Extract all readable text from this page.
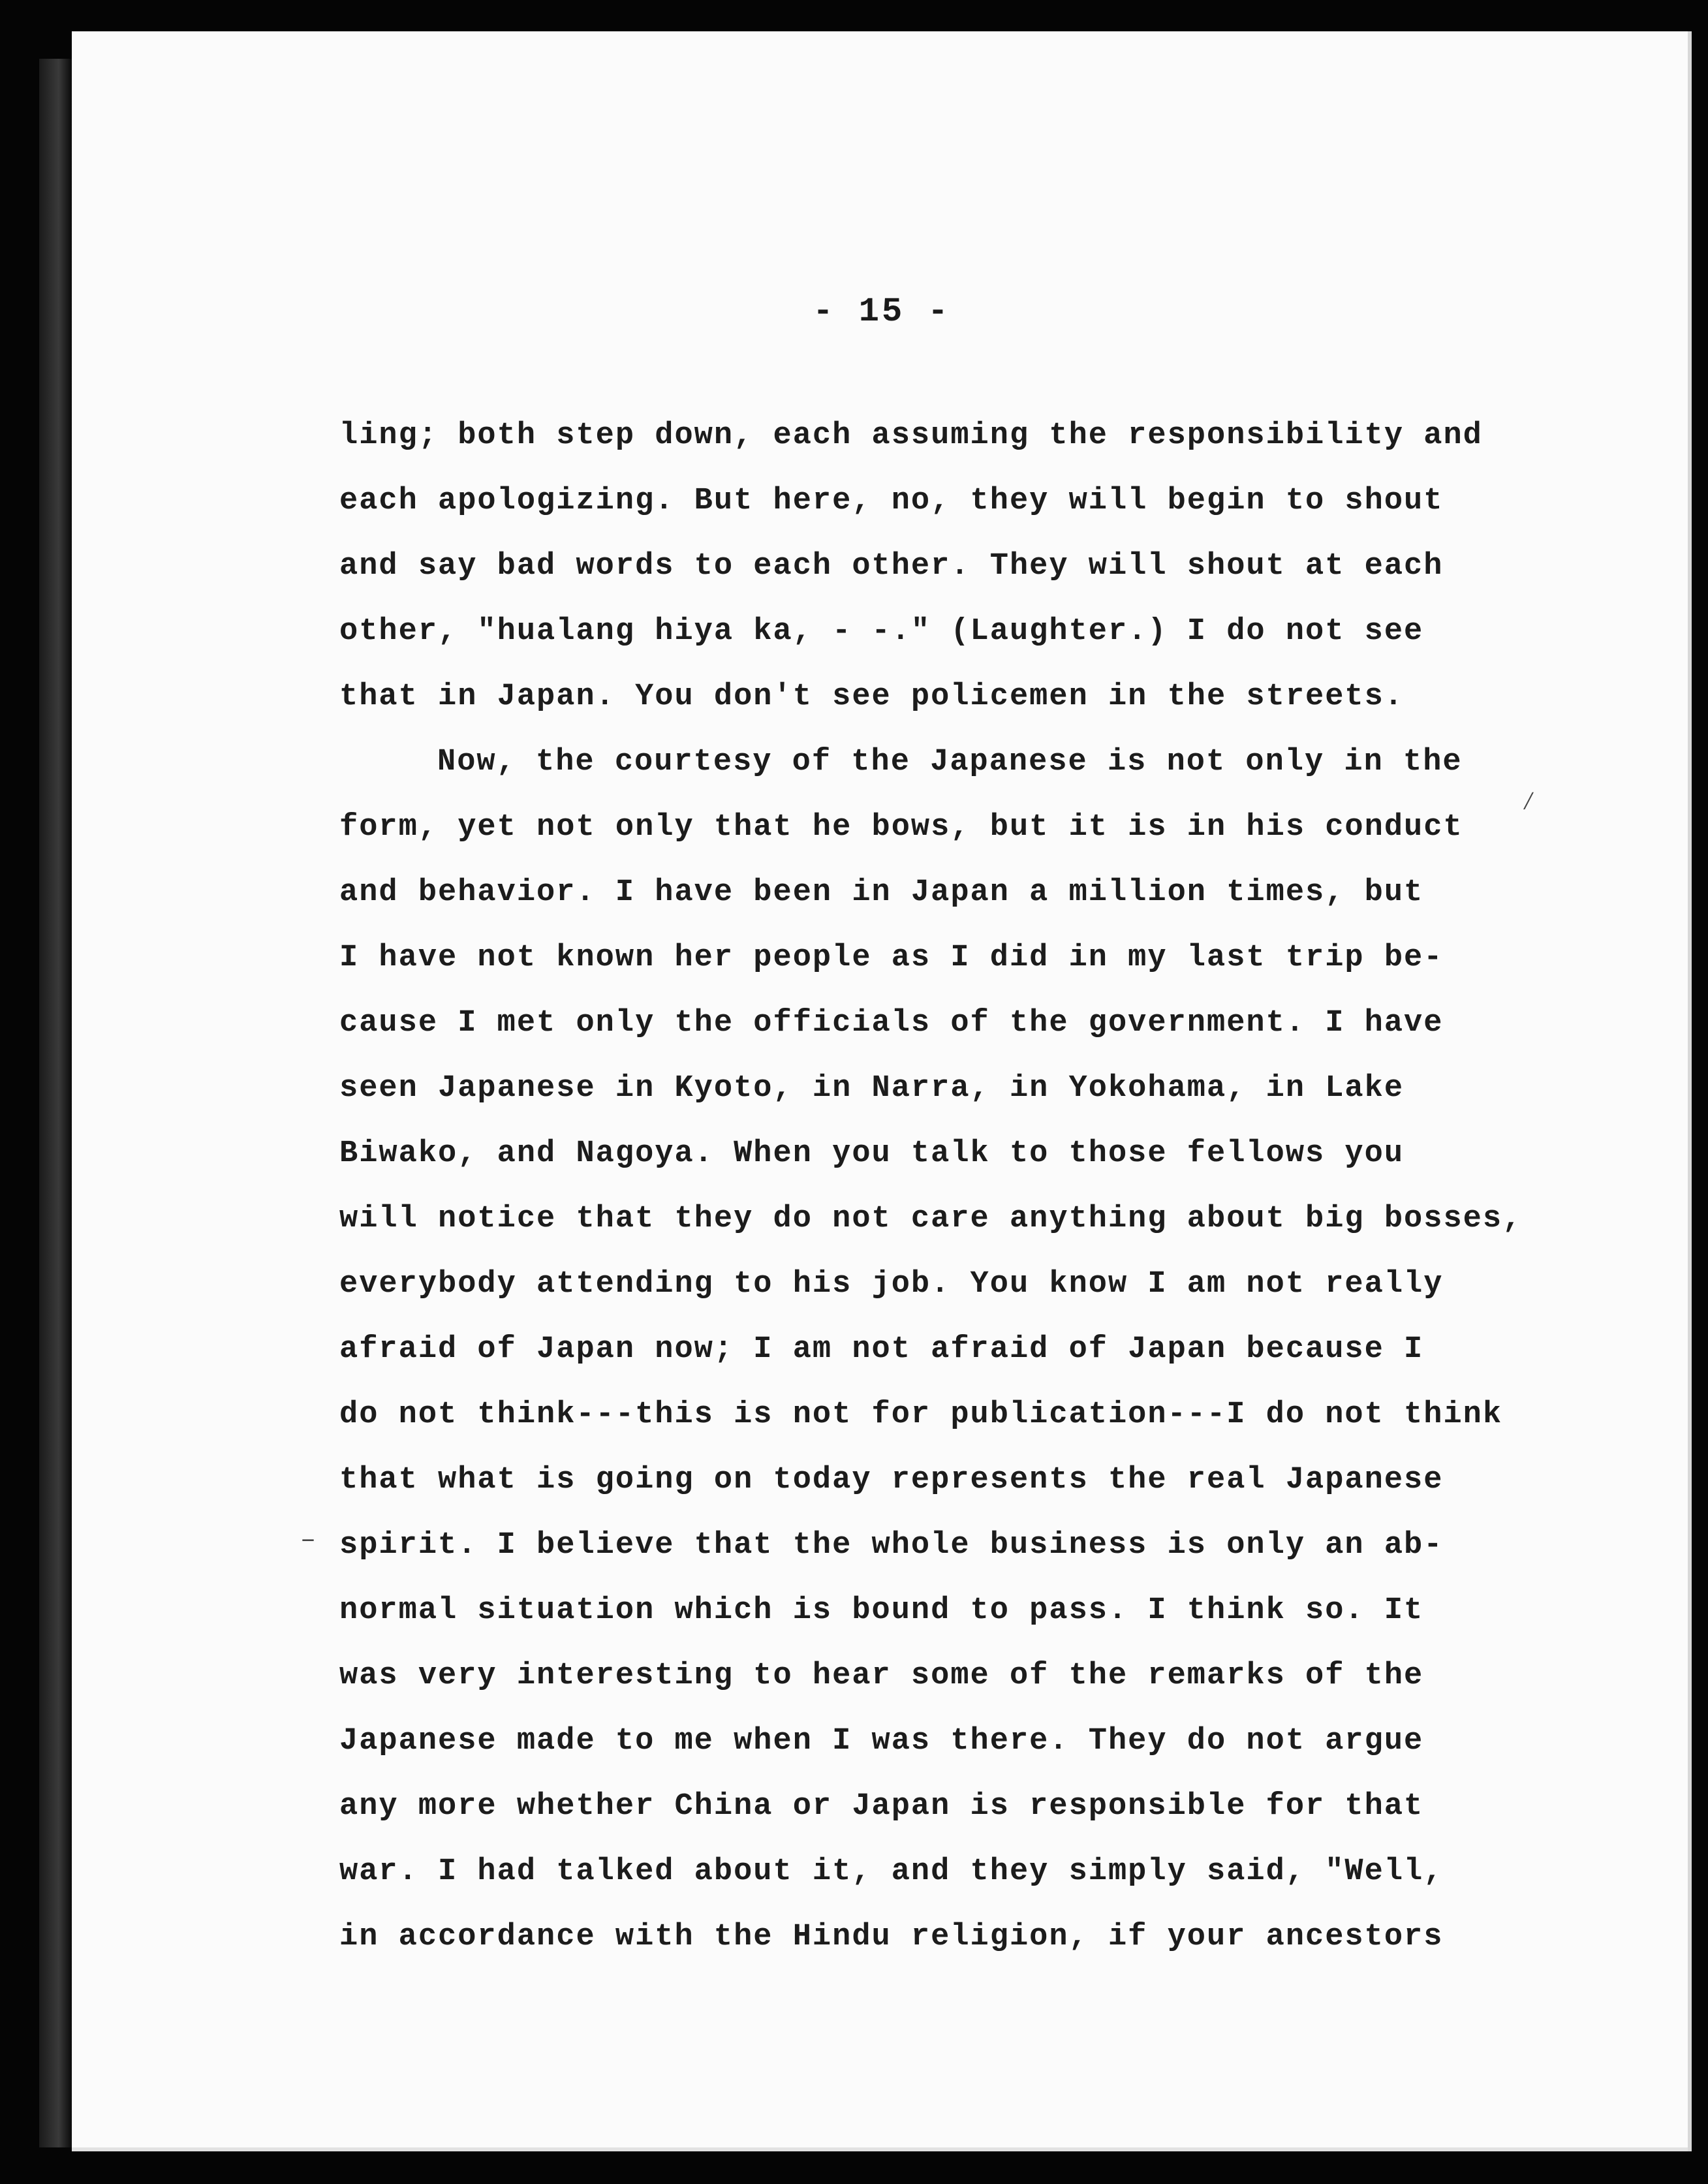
- 15 -
ling; both step down, each assuming the responsibility and
each apologizing. But here, no, they will begin to shout
and say bad words to each other. They will shout at each
other, "hualang hiya ka, - -." (Laughter.) I do not see
that in Japan. You don't see policemen in the streets.
Now, the courtesy of the Japanese is not only in the
form, yet not only that he bows, but it is in his conduct
and behavior. I have been in Japan a million times, but
I have not known her people as I did in my last trip be-
cause I met only the officials of the government. I have
seen Japanese in Kyoto, in Narra, in Yokohama, in Lake
Biwako, and Nagoya. When you talk to those fellows you
will notice that they do not care anything about big bosses,
everybody attending to his job. You know I am not really
afraid of Japan now; I am not afraid of Japan because I
do not think---this is not for publication---I do not think
that what is going on today represents the real Japanese
spirit. I believe that the whole business is only an ab-
normal situation which is bound to pass. I think so. It
was very interesting to hear some of the remarks of the
Japanese made to me when I was there. They do not argue
any more whether China or Japan is responsible for that
war. I had talked about it, and they simply said, "Well,
in accordance with the Hindu religion, if your ancestors
⁄
–
